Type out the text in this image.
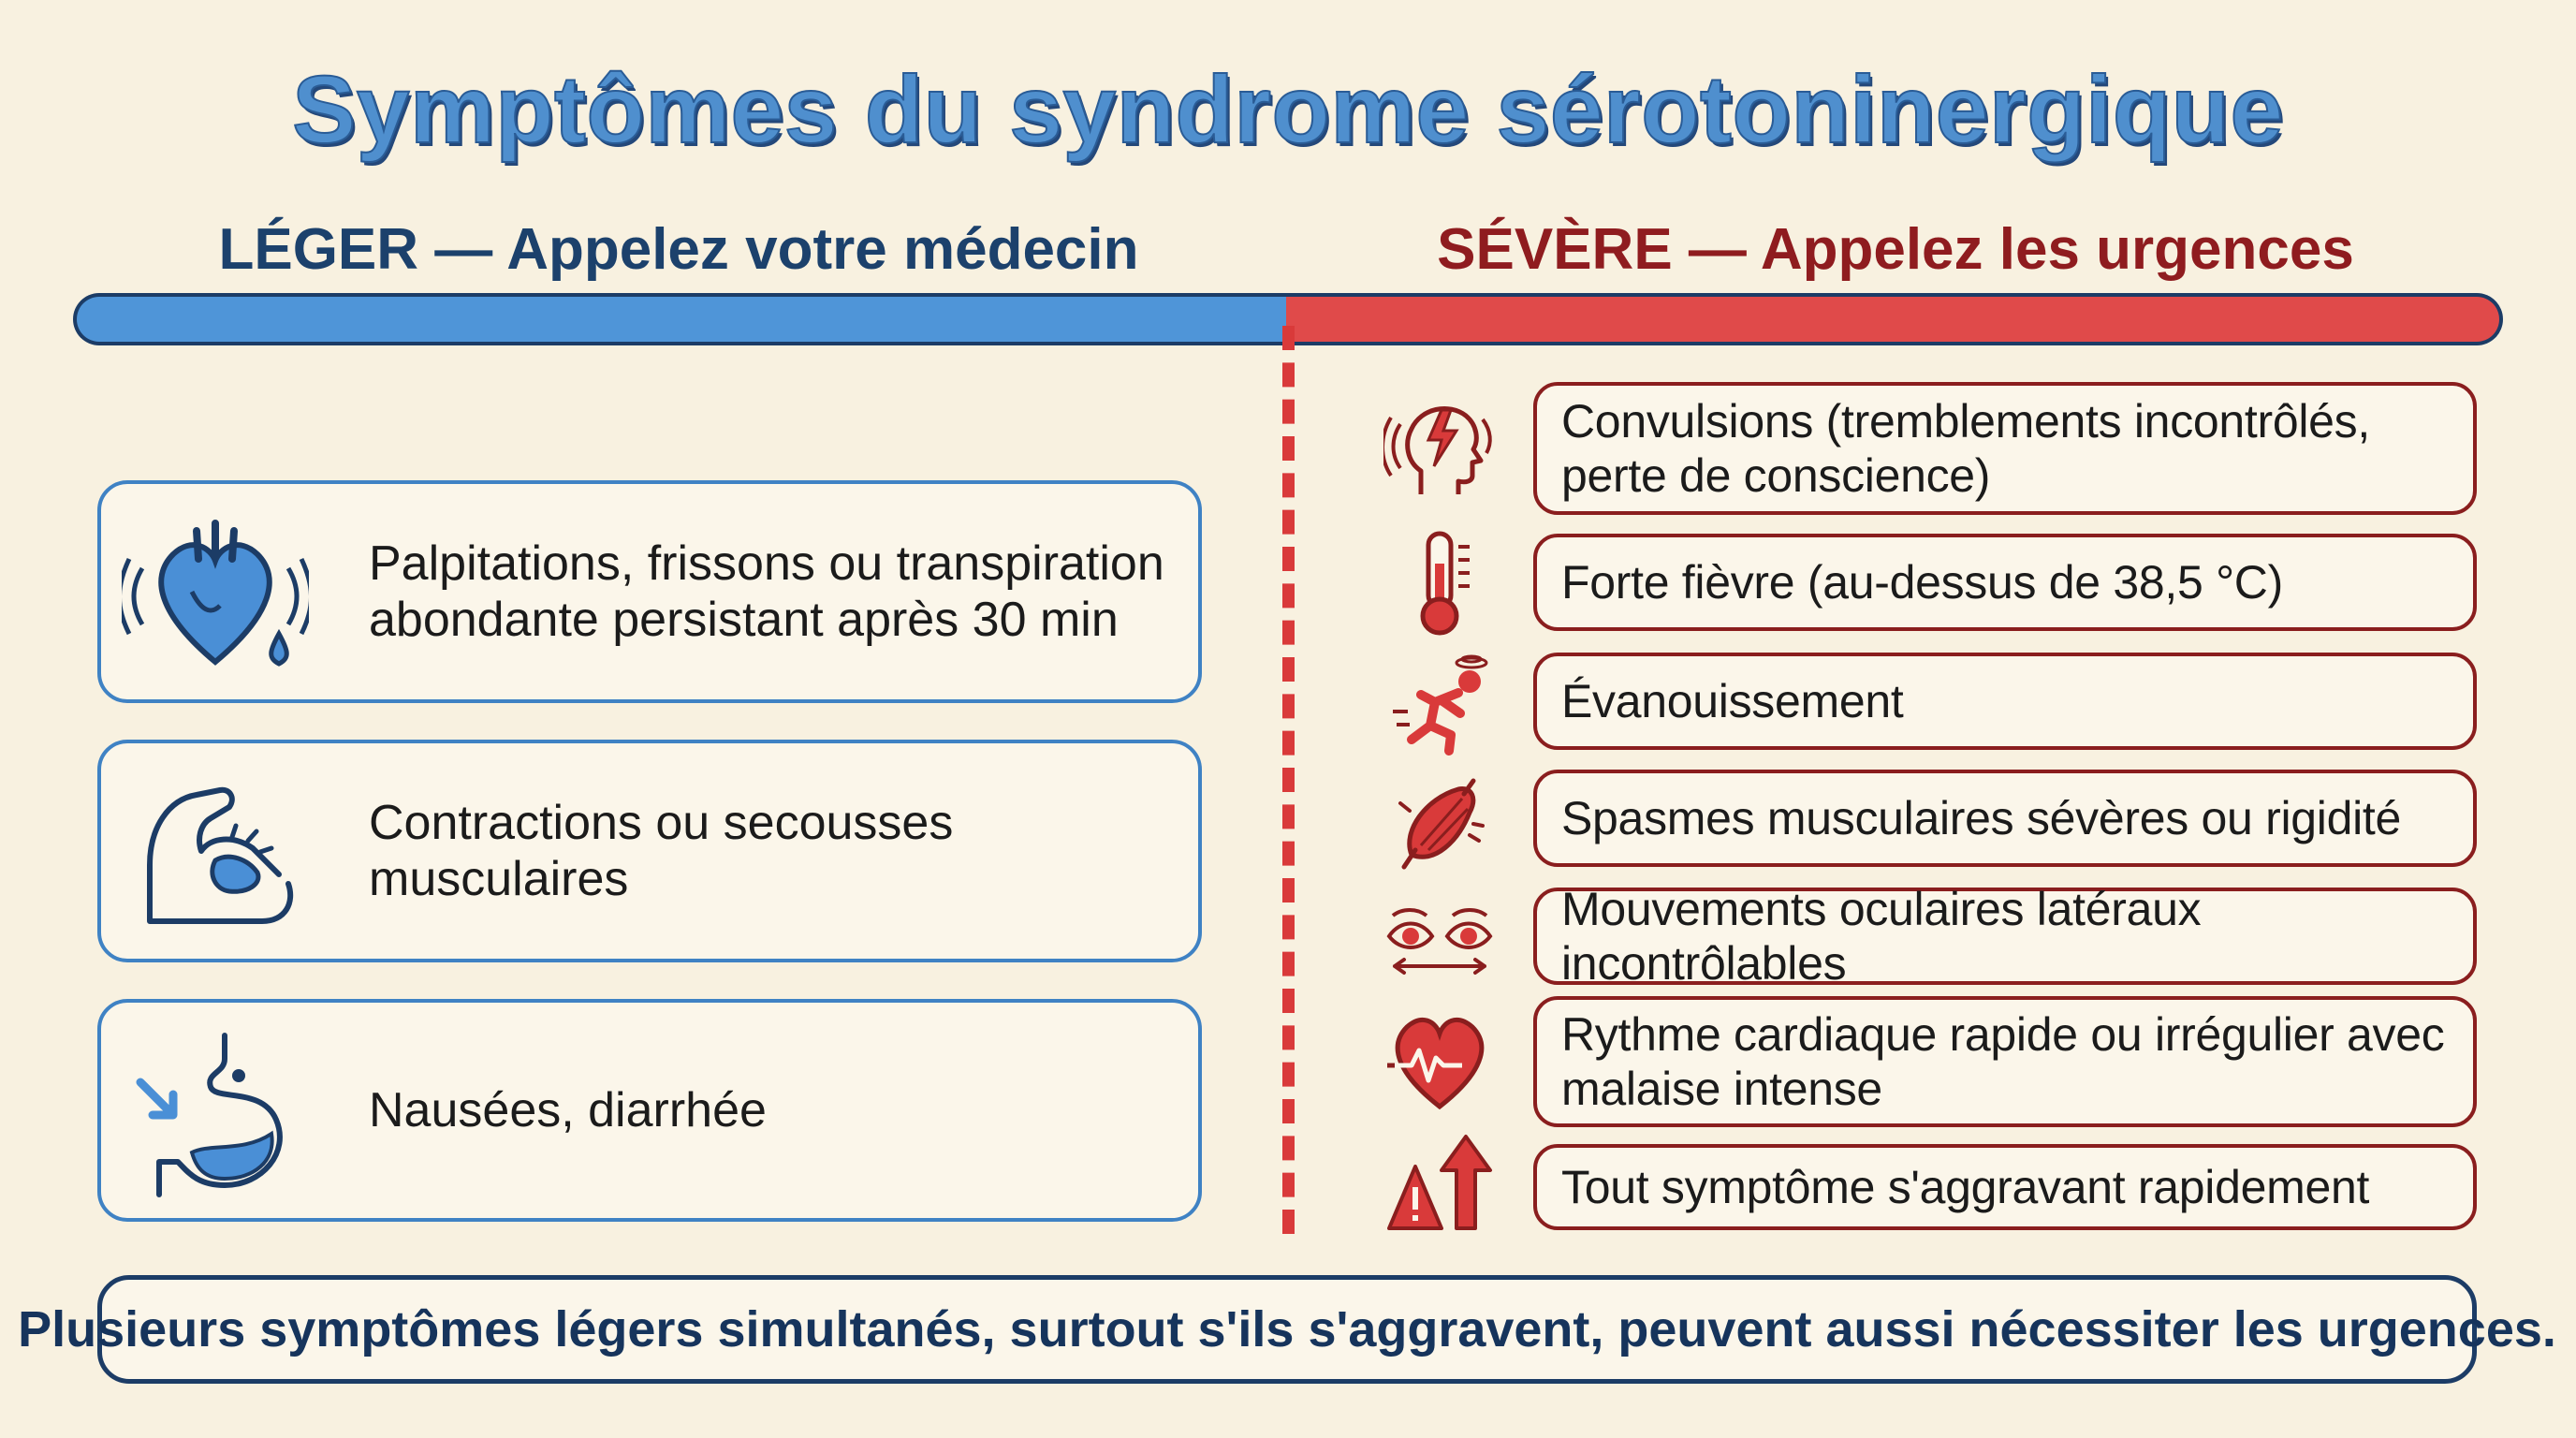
Symptômes du syndrome sérotoninergique
LÉGER — Appelez votre médecin	SÉVÈRE — Appelez les urgences
Palpitations, frissons ou transpiration abondante persistant après 30 min
Contractions ou secousses musculaires
Nausées, diarrhée
Convulsions (tremblements incontrôlés, perte de conscience)
Forte fièvre (au-dessus de 38,5 °C)
Évanouissement
Spasmes musculaires sévères ou rigidité
Mouvements oculaires latéraux incontrôlables
Rythme cardiaque rapide ou irrégulier avec malaise intense
Tout symptôme s'aggravant rapidement
Plusieurs symptômes légers simultanés, surtout s'ils s'aggravent, peuvent aussi nécessiter les urgences.
